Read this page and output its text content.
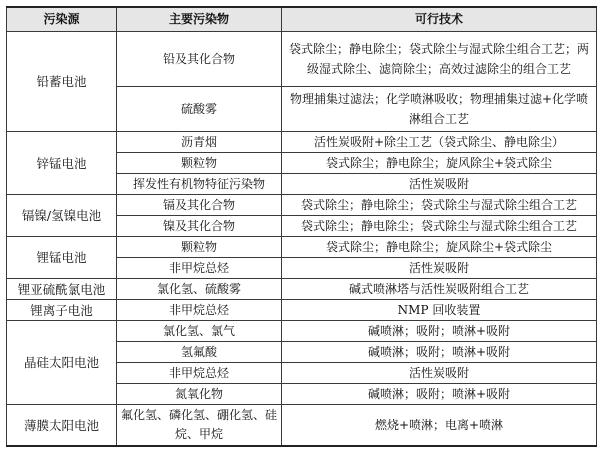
污染源	主要污染物	可行技术
铅蓄电池	铅及其化合物	袋式除尘；静电除尘；袋式除尘与湿式除尘组合工艺；两级湿式除尘、滤筒除尘；高效过滤除尘的组合工艺
	硫酸雾	物理捕集过滤法；化学喷淋吸收；物理捕集过滤+化学喷淋组合工艺
锌锰电池	沥青烟	活性炭吸附+除尘工艺（袋式除尘、静电除尘）
	颗粒物	袋式除尘；静电除尘；旋风除尘+袋式除尘
	挥发性有机物特征污染物	活性炭吸附
镉镍/氢镍电池	镉及其化合物	袋式除尘；静电除尘；袋式除尘与湿式除尘组合工艺
	镍及其化合物	袋式除尘；静电除尘；袋式除尘与湿式除尘组合工艺
锂锰电池	颗粒物	袋式除尘；静电除尘；旋风除尘+袋式除尘
	非甲烷总烃	活性炭吸附
锂亚硫酰氯电池	氯化氢、硫酸雾	碱式喷淋塔与活性炭吸附组合工艺
锂离子电池	非甲烷总烃	NMP 回收装置
晶硅太阳电池	氯化氢、氯气	碱喷淋；吸附；喷淋+吸附
	氢氟酸	碱喷淋；吸附；喷淋+吸附
	非甲烷总烃	活性炭吸附
	氮氧化物	碱喷淋；吸附；喷淋+吸附
薄膜太阳电池	氟化氢、磷化氢、硼化氢、硅烷、甲烷	燃烧+喷淋；电离+喷淋
